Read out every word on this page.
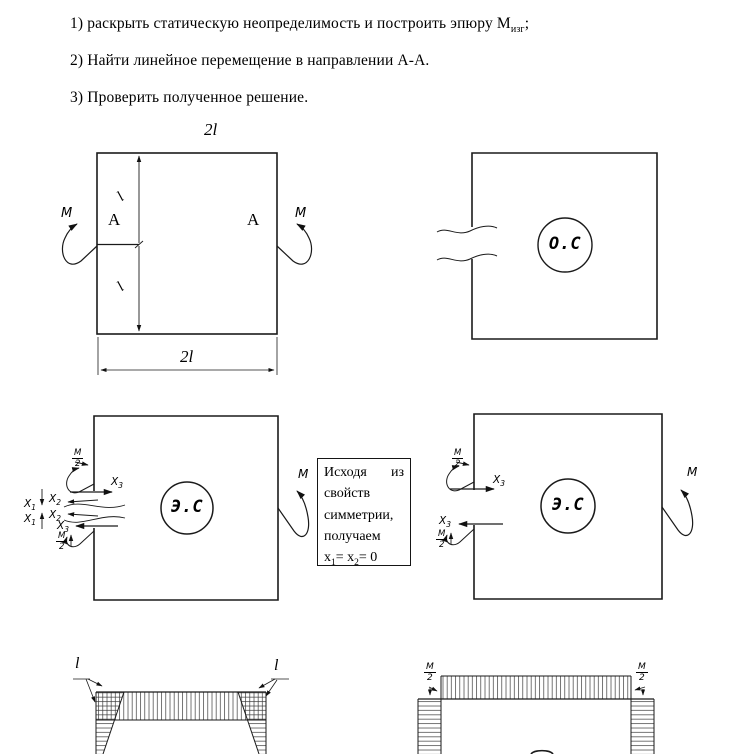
1) раскрыть статическую неопределимость и построить эпюру $М_{изг}$;
2) Найти линейное перемещение в направлении А-А.
3) Проверить полученное решение.
2l
2l
l
l
A	A
M	M
О.С
Э.С
M
$\frac{M}{2}$
$\frac{M}{2}$
$X_3$
$X_2$
$X_2$
$X_1$
$X_1$ $X_3$
Исходя из
свойств
симметрии,
получаем
$x_1= x_2= 0$
Э.С
M
$\frac{M}{2}$
$\frac{M}{2}$
$X_3$
$X_3$
l	l	$\frac{M}{2}$	$\frac{M}{2}$
